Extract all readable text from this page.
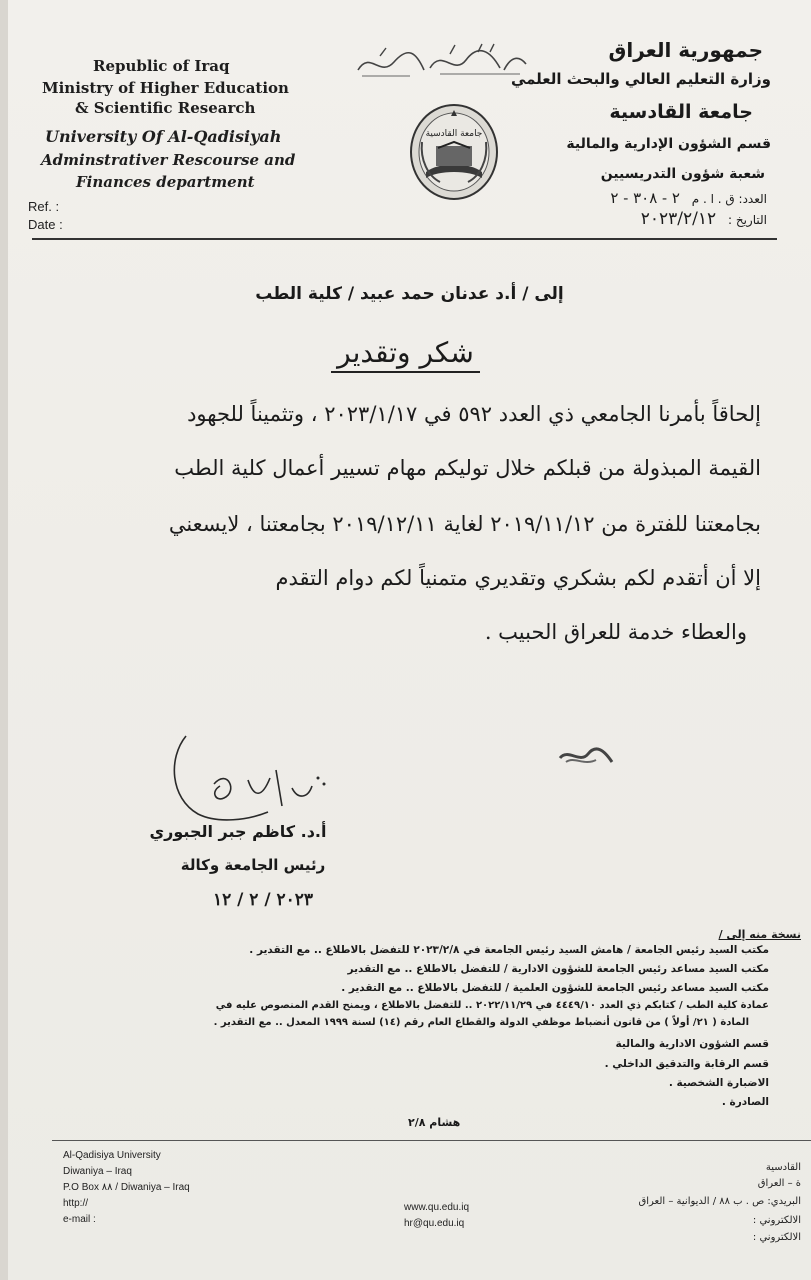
Republic of Iraq
Ministry of Higher Education
& Scientific Research
University Of Al-Qadisiyah
Adminstrativer Rescourse and
Finances department
Ref. :
Date :
جامعة القادسية
جمهورية العراق
وزارة التعليم العالي والبحث العلمي
جامعة القادسية
قسم الشؤون الإدارية والمالية
شعبة شؤون التدريسيين
العدد: ق . ا . م ٢ - ٣٠٨ - ٢
التاريخ : ٢٠٢٣/٢/١٢
إلى / أ.د عدنان حمد عبيد / كلية الطب
شكر وتقدير
إلحاقاً بأمرنا الجامعي ذي العدد ٥٩٢ في ٢٠٢٣/١/١٧ ، وتثميناً للجهود
القيمة المبذولة من قبلكم خلال توليكم مهام تسيير أعمال كلية الطب
بجامعتنا للفترة من ٢٠١٩/١١/١٢ لغاية ٢٠١٩/١٢/١١ بجامعتنا ، لايسعني
إلا أن أتقدم لكم بشكري وتقديري متمنياً لكم دوام التقدم
والعطاء خدمة للعراق الحبيب .
أ.د. كاظم جبر الجبوري
رئيس الجامعة وكالة
٢٠٢٣ / ٢ / ١٢
نسخة منه إلى /
مكتب السيد رئيس الجامعة / هامش السيد رئيس الجامعة في ٢٠٢٣/٢/٨ للتفضل بالاطلاع .. مع التقدير .
مكتب السيد مساعد رئيس الجامعة للشؤون الادارية / للتفضل بالاطلاع .. مع التقدير
مكتب السيد مساعد رئيس الجامعة للشؤون العلمية / للتفضل بالاطلاع .. مع التقدير .
عمادة كلية الطب / كتابكم ذي العدد ٤٤٤٩/١٠ في ٢٠٢٢/١١/٢٩ .. للتفضل بالاطلاع ، ويمنح القدم المنصوص عليه في
المادة ( ٢١/ أولاً ) من قانون أنضباط موظفي الدولة والقطاع العام رقم (١٤) لسنة ١٩٩٩ المعدل .. مع التقدير .
قسم الشؤون الادارية والمالية
قسم الرقابة والتدقيق الداخلي .
الاضبارة الشخصية .
الصادرة .
هشام ٢/٨
Al-Qadisiya University
Diwaniya – Iraq
P.O Box ٨٨ / Diwaniya – Iraq
http://
e-mail :
www.qu.edu.iq
hr@qu.edu.iq
القادسية
ة – العراق
البريدي: ص . ب ٨٨ / الديوانية – العراق
الالكتروني :
الالكتروني :
